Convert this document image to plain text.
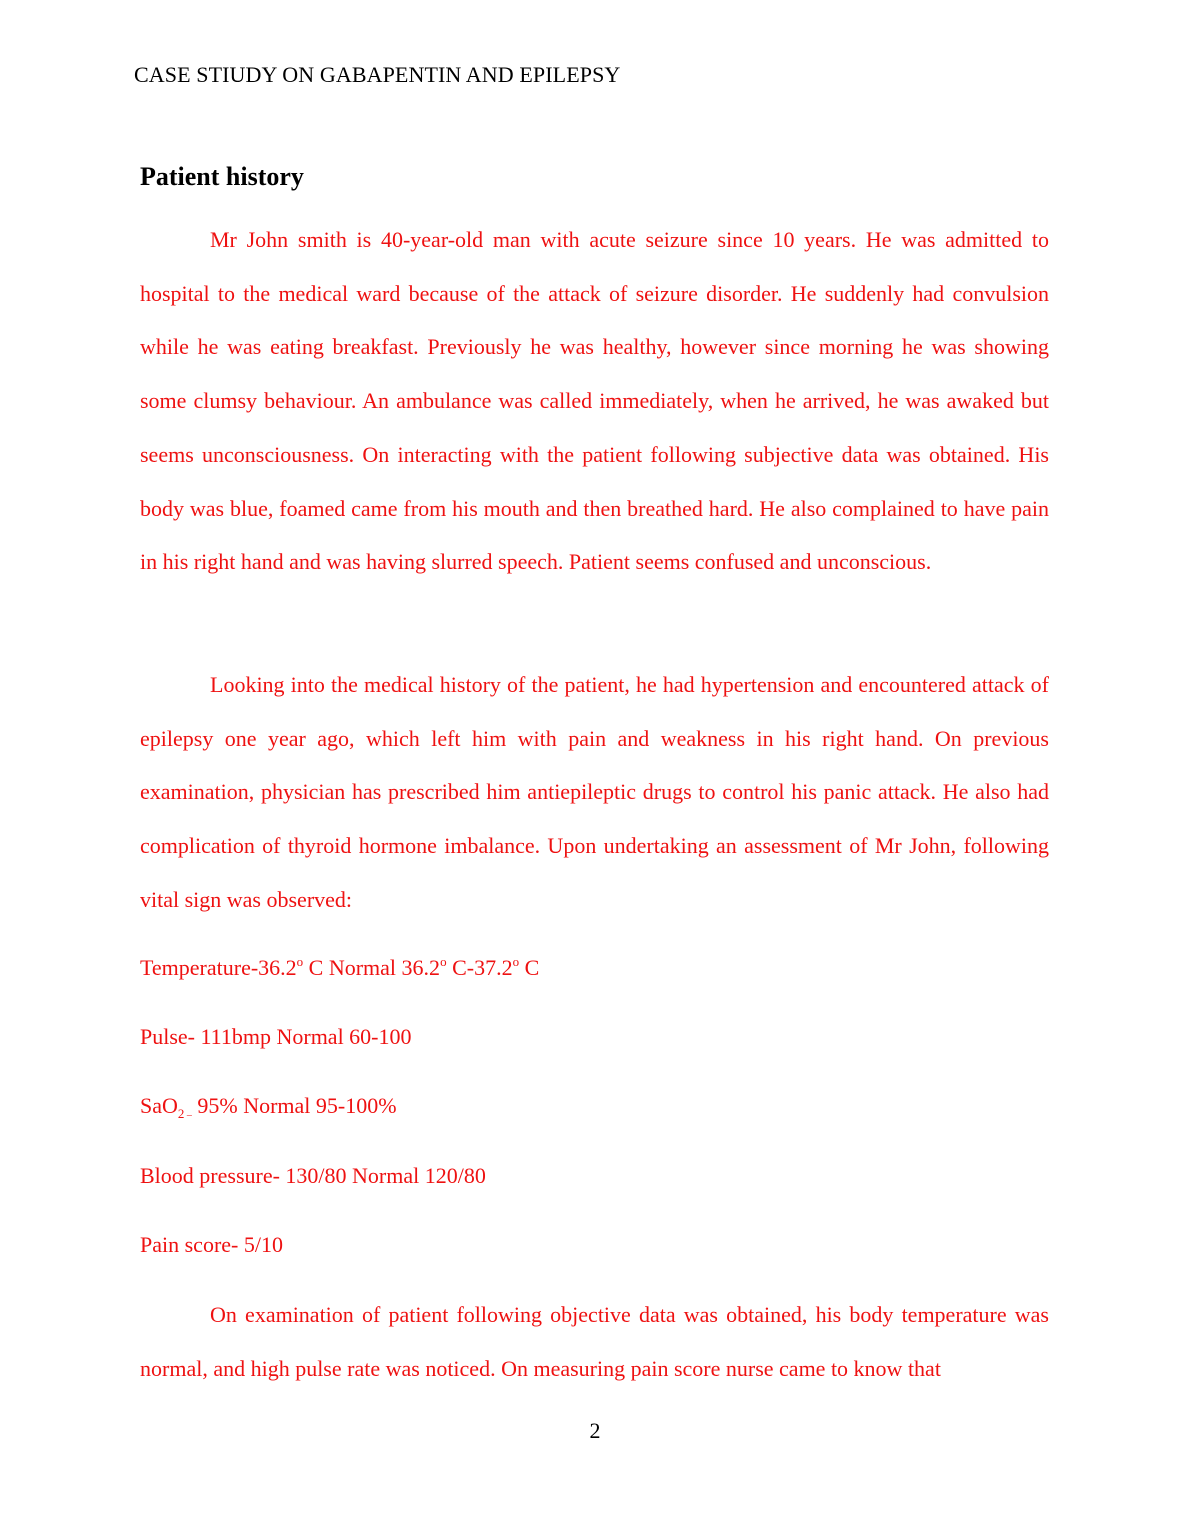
CASE STIUDY ON GABAPENTIN AND EPILEPSY
Patient history

Mr John smith is 40-year-old man with acute seizure since 10 years. He was admitted to hospital to the medical ward because of the attack of seizure disorder. He suddenly had convulsion while he was eating breakfast. Previously he was healthy, however since morning he was showing some clumsy behaviour. An ambulance was called immediately, when he arrived, he was awaked but seems unconsciousness. On interacting with the patient following subjective data was obtained. His body was blue, foamed came from his mouth and then breathed hard. He also complained to have pain in his right hand and was having slurred speech. Patient seems confused and unconscious.

Looking into the medical history of the patient, he had hypertension and encountered attack of epilepsy one year ago, which left him with pain and weakness in his right hand. On previous examination, physician has prescribed him antiepileptic drugs to control his panic attack. He also had complication of thyroid hormone imbalance. Upon undertaking an assessment of Mr John, following vital sign was observed:

Temperature-36.2$^o$ C Normal 36.2$^o$ C-37.2$^o$ C
Pulse- 111bmp Normal 60-100
SaO$_2$ $_-$ 95% Normal 95-100%
Blood pressure- 130/80 Normal 120/80
Pain score- 5/10

On examination of patient following objective data was obtained, his body temperature was normal, and high pulse rate was noticed. On measuring pain score nurse came to know that

2
